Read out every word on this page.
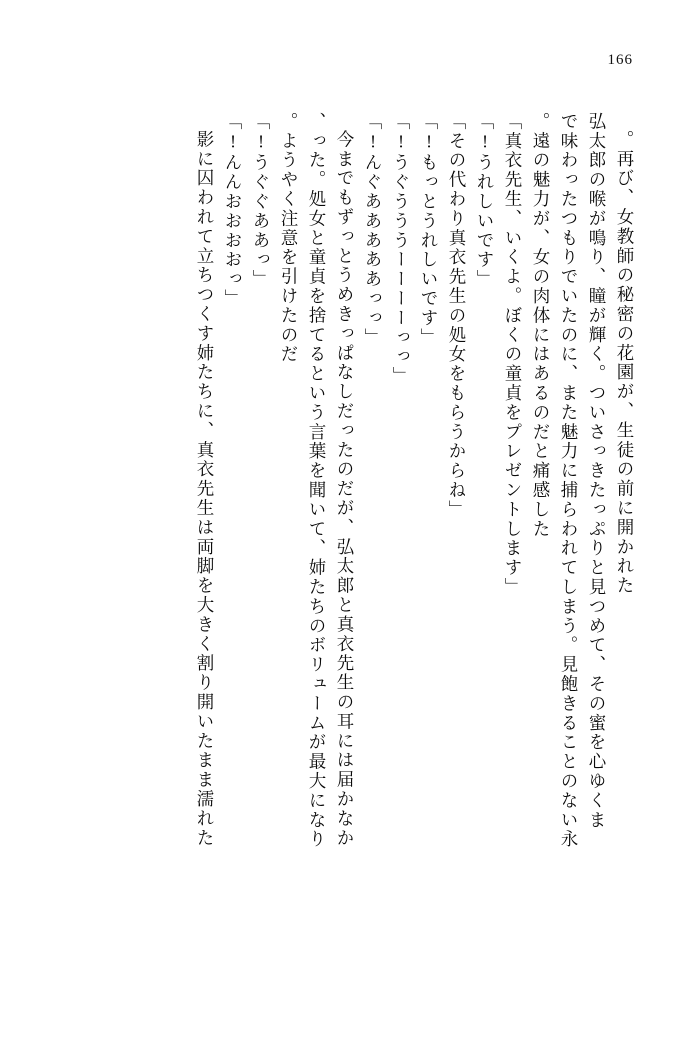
166
再び、女教師の秘密の花園が、生徒の前に開かれた。
弘太郎の喉が鳴り、瞳が輝く。ついさっきたっぷりと見つめて、その蜜を心ゆくま
で味わったつもりでいたのに、また魅力に捕らわれてしまう。見飽きることのない永
遠の魅力が、女の肉体にはあるのだと痛感した。
「真衣先生、いくよ。ぼくの童貞をプレゼントします」
「うれしいです!」
「その代わり真衣先生の処女をもらうからね」
「もっとうれしいです!」
「うぐうううーーーーっっ!」
「んぐあああああっっ!」
今までもずっとうめきっぱなしだったのだが、弘太郎と真衣先生の耳には届かなか
った。処女と童貞を捨てるという言葉を聞いて、姉たちのボリュームが最大になり、
ようやく注意を引けたのだ。
「うぐぐああっ!」
「んんおおおおっ!」
影に囚われて立ちつくす姉たちに、真衣先生は両脚を大きく割り開いたまま濡れた
